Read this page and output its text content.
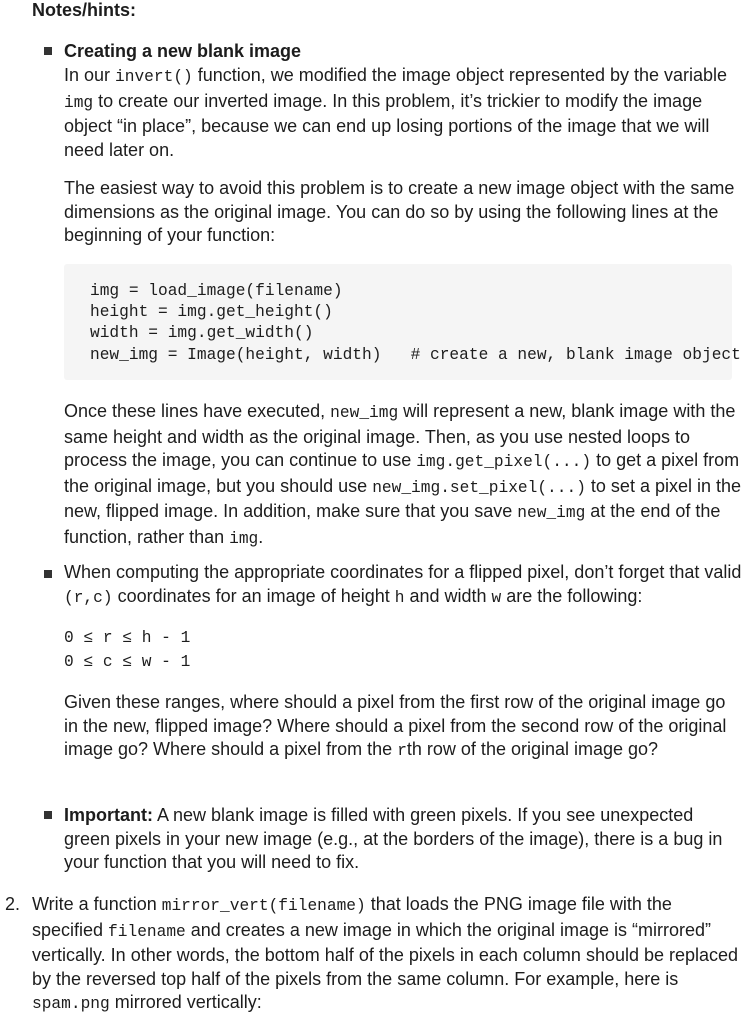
Notes/hints:

Creating a new blank image

In our invert() function, we modified the image object represented by the variable img to create our inverted image. In this problem, it’s trickier to modify the image object “in place”, because we can end up losing portions of the image that we will need later on.

The easiest way to avoid this problem is to create a new image object with the same dimensions as the original image. You can do so by using the following lines at the beginning of your function:

img = load_image(filename)
height = img.get_height()
width = img.get_width()
new_img = Image(height, width)   # create a new, blank image object

Once these lines have executed, new_img will represent a new, blank image with the same height and width as the original image. Then, as you use nested loops to process the image, you can continue to use img.get_pixel(...) to get a pixel from the original image, but you should use new_img.set_pixel(...) to set a pixel in the new, flipped image. In addition, make sure that you save new_img at the end of the function, rather than img.

When computing the appropriate coordinates for a flipped pixel, don’t forget that valid (r,c) coordinates for an image of height h and width w are the following:

0 ≤ r ≤ h - 1
0 ≤ c ≤ w - 1

Given these ranges, where should a pixel from the first row of the original image go in the new, flipped image? Where should a pixel from the second row of the original image go? Where should a pixel from the rth row of the original image go?

Important: A new blank image is filled with green pixels. If you see unexpected green pixels in your new image (e.g., at the borders of the image), there is a bug in your function that you will need to fix.

2. Write a function mirror_vert(filename) that loads the PNG image file with the specified filename and creates a new image in which the original image is “mirrored” vertically. In other words, the bottom half of the pixels in each column should be replaced by the reversed top half of the pixels from the same column. For example, here is spam.png mirrored vertically:
